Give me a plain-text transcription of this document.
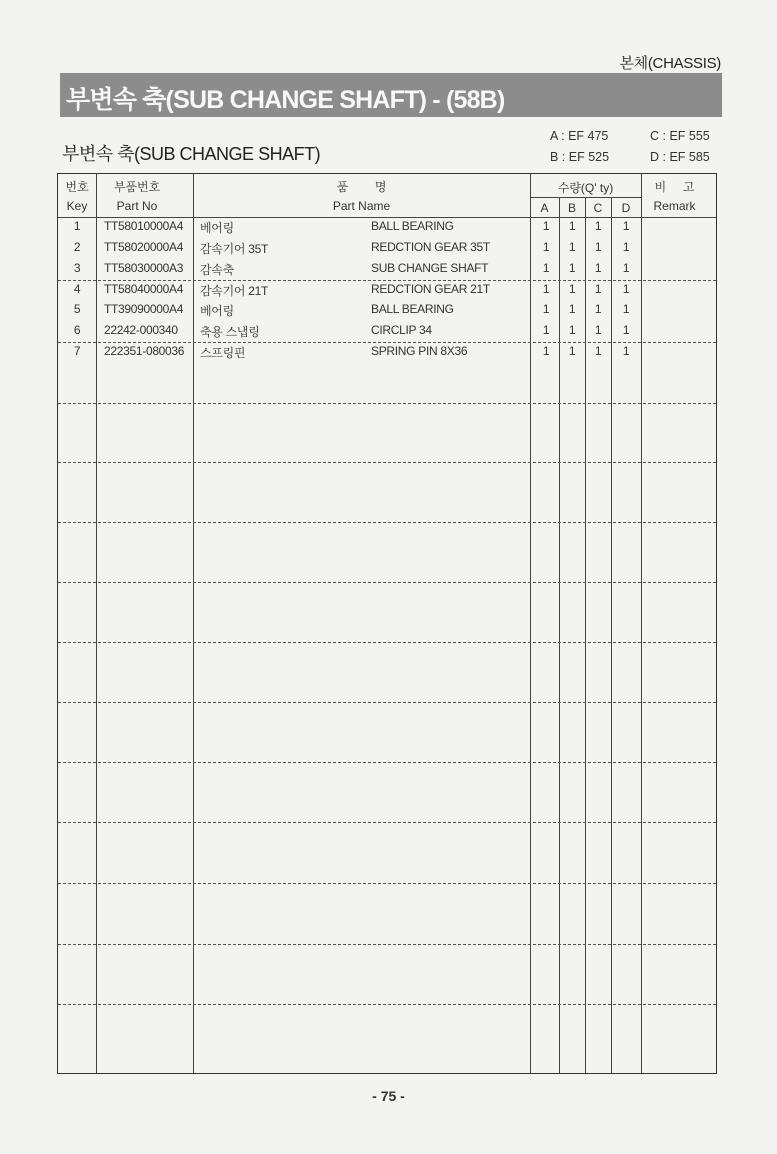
본체(CHASSIS)
부변속 축(SUB CHANGE SHAFT) - (58B)
부변속 축(SUB CHANGE SHAFT)
A : EF 475
B : EF 525
C : EF 555
D : EF 585
번호
Key
부품번호
Part No
품        명
Part Name
수량(Q' ty)
A	B	C	D
비     고
Remark
1	TT58010000A4 베어링	BALL BEARING	1	1	1	1
2	TT58020000A4 감속기어 35T	REDCTION GEAR 35T	1	1	1	1
3	TT58030000A3 감속축	SUB CHANGE SHAFT	1	1	1	1
4	TT58040000A4 감속기어 21T	REDCTION GEAR 21T	1	1	1	1
5	TT39090000A4 베어링	BALL BEARING	1	1	1	1
6	22242-000340 축용 스냅링	CIRCLIP 34	1	1	1	1
7	222351-080036 스프링핀	SPRING PIN 8X36	1	1	1	1
- 75 -
